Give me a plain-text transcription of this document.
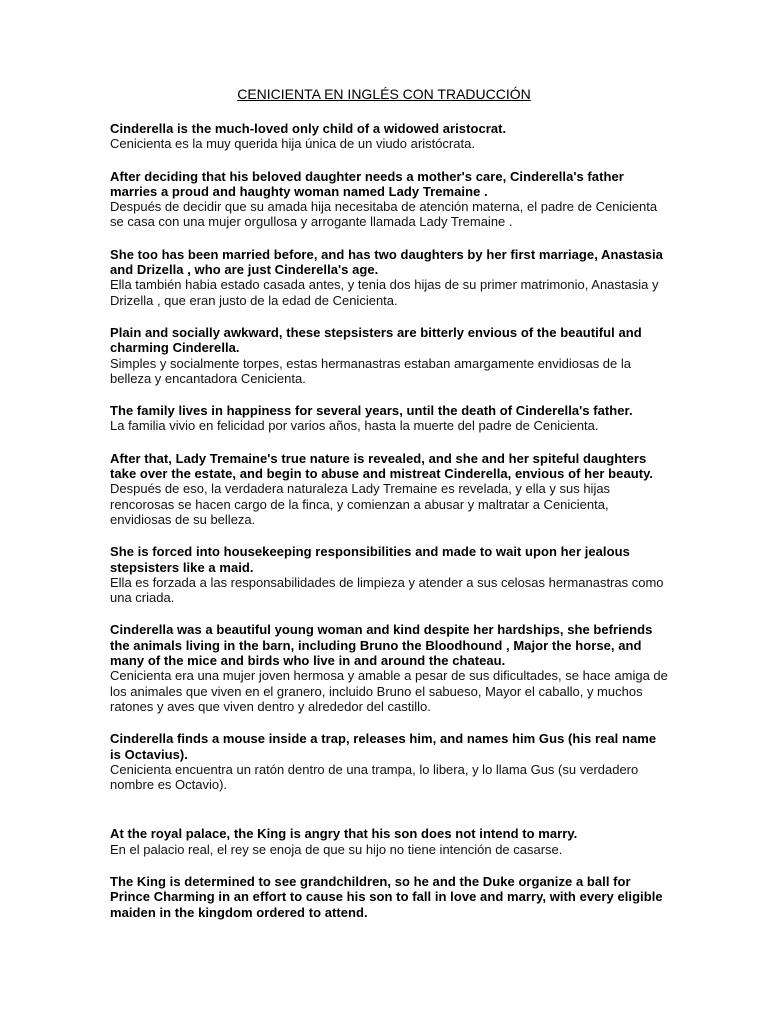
CENICIENTA EN INGLÉS CON TRADUCCIÓN
Cinderella is the much-loved only child of a widowed aristocrat.
Cenicienta es la muy querida hija única de un viudo aristócrata.
After deciding that his beloved daughter needs a mother's care, Cinderella's father marries a proud and haughty woman named Lady Tremaine .
Después de decidir que su amada hija necesitaba de atención materna, el padre de Cenicienta se casa con una mujer orgullosa y arrogante llamada Lady Tremaine .
She too has been married before, and has two daughters by her first marriage, Anastasia and Drizella , who are just Cinderella's age.
Ella también habia estado casada antes, y tenia dos hijas de su primer matrimonio, Anastasia y Drizella , que eran justo de la edad de Cenicienta.
Plain and socially awkward, these stepsisters are bitterly envious of the beautiful and charming Cinderella.
Simples y socialmente torpes, estas hermanastras estaban amargamente envidiosas de la belleza y encantadora Cenicienta.
The family lives in happiness for several years, until the death of Cinderella's father.
La familia vivio en felicidad por varios años, hasta la muerte del padre de Cenicienta.
After that, Lady Tremaine's true nature is revealed, and she and her spiteful daughters take over the estate, and begin to abuse and mistreat Cinderella, envious of her beauty.
Después de eso, la verdadera naturaleza Lady Tremaine es revelada, y ella y sus hijas rencorosas se hacen cargo de la finca, y comienzan a abusar y maltratar a Cenicienta, envidiosas de su belleza.
She is forced into housekeeping responsibilities and made to wait upon her jealous stepsisters like a maid.
Ella es forzada a las responsabilidades de limpieza y atender a sus celosas hermanastras como una criada.
Cinderella was a beautiful young woman and kind despite her hardships, she befriends the animals living in the barn, including Bruno the Bloodhound , Major the horse, and many of the mice and birds who live in and around the chateau.
Cenicienta era una mujer joven hermosa y amable a pesar de sus dificultades, se hace amiga de los animales que viven en el granero, incluido Bruno el sabueso, Mayor el caballo, y muchos ratones y aves que viven dentro y alrededor del castillo.
Cinderella finds a mouse inside a trap, releases him, and names him Gus (his real name is Octavius).
Cenicienta encuentra un ratón dentro de una trampa, lo libera, y lo llama Gus (su verdadero nombre es Octavio).
At the royal palace, the King is angry that his son does not intend to marry.
En el palacio real, el rey se enoja de que su hijo no tiene intención de casarse.
The King is determined to see grandchildren, so he and the Duke organize a ball for Prince Charming in an effort to cause his son to fall in love and marry, with every eligible maiden in the kingdom ordered to attend.
